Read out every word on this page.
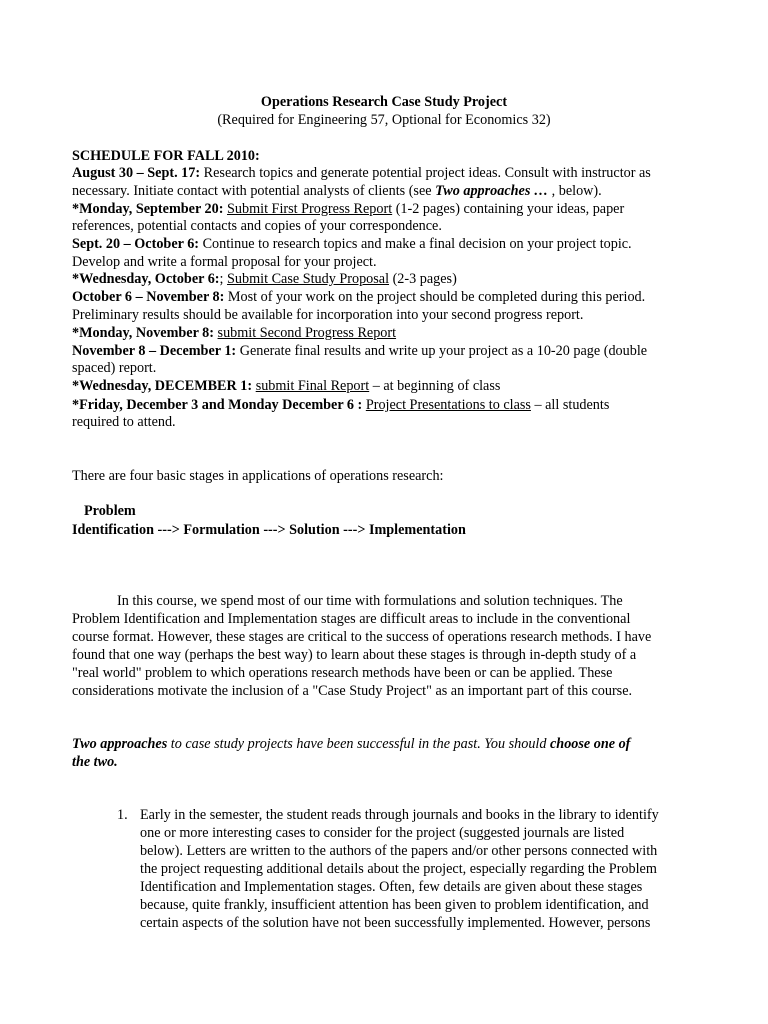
Operations Research Case Study Project
(Required for Engineering 57, Optional for Economics 32)
SCHEDULE FOR FALL 2010:
August 30 – Sept. 17: Research topics and generate potential project ideas. Consult with instructor as
necessary. Initiate contact with potential analysts of clients (see Two approaches … , below).
*Monday, September 20: Submit First Progress Report (1-2 pages) containing your ideas, paper
references, potential contacts and copies of your correspondence.
Sept. 20 – October 6: Continue to research topics and make a final decision on your project topic.
Develop and write a formal proposal for your project.
*Wednesday, October 6:; Submit Case Study Proposal (2-3 pages)
October 6 – November 8: Most of your work on the project should be completed during this period.
Preliminary results should be available for incorporation into your second progress report.
*Monday, November 8: submit Second Progress Report
November 8 – December 1: Generate final results and write up your project as a 10-20 page (double
spaced) report.
*Wednesday, DECEMBER 1: submit Final Report – at beginning of class
*Friday, December 3 and Monday December 6 : Project Presentations to class – all students
required to attend.
There are four basic stages in applications of operations research:
Problem
Identification ---> Formulation ---> Solution ---> Implementation
In this course, we spend most of our time with formulations and solution techniques. The
Problem Identification and Implementation stages are difficult areas to include in the conventional
course format. However, these stages are critical to the success of operations research methods. I have
found that one way (perhaps the best way) to learn about these stages is through in-depth study of a
"real world" problem to which operations research methods have been or can be applied. These
considerations motivate the inclusion of a "Case Study Project" as an important part of this course.
Two approaches to case study projects have been successful in the past. You should choose one of
the two.
1. Early in the semester, the student reads through journals and books in the library to identify
one or more interesting cases to consider for the project (suggested journals are listed
below). Letters are written to the authors of the papers and/or other persons connected with
the project requesting additional details about the project, especially regarding the Problem
Identification and Implementation stages. Often, few details are given about these stages
because, quite frankly, insufficient attention has been given to problem identification, and
certain aspects of the solution have not been successfully implemented. However, persons
